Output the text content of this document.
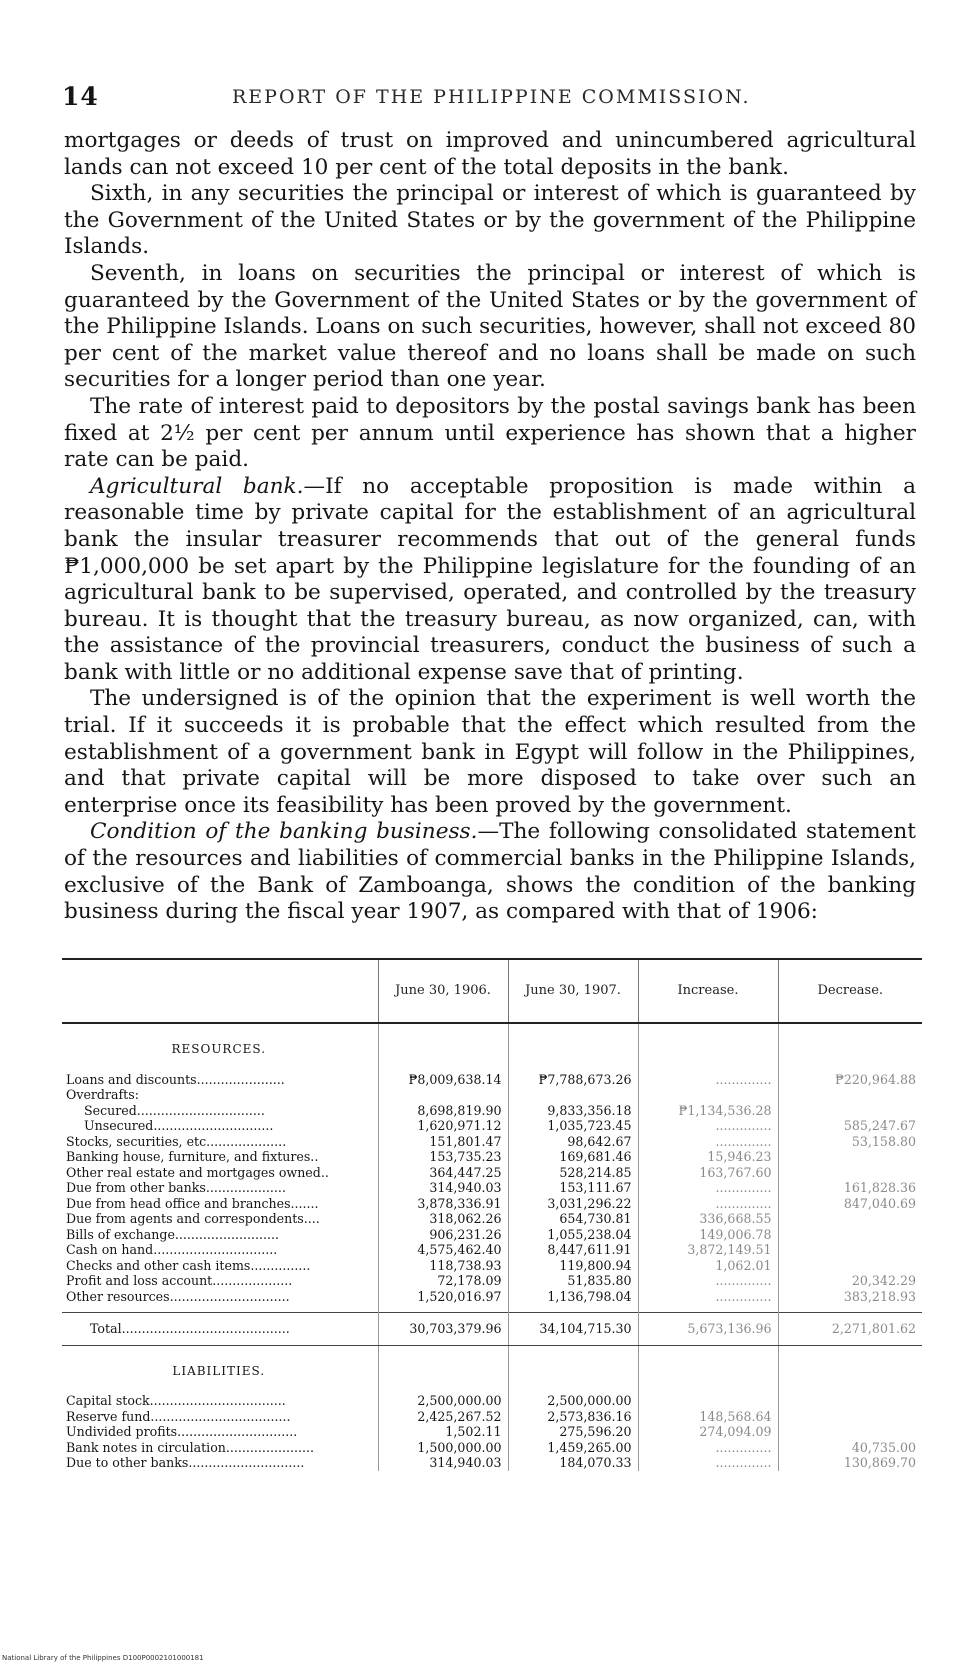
14	REPORT OF THE PHILIPPINE COMMISSION.

mortgages or deeds of trust on improved and unincumbered agricultural lands can not exceed 10 per cent of the total deposits in the bank.

Sixth, in any securities the principal or interest of which is guaranteed by the Government of the United States or by the government of the Philippine Islands.

Seventh, in loans on securities the principal or interest of which is guaranteed by the Government of the United States or by the government of the Philippine Islands. Loans on such securities, however, shall not exceed 80 per cent of the market value thereof and no loans shall be made on such securities for a longer period than one year.

The rate of interest paid to depositors by the postal savings bank has been fixed at 2½ per cent per annum until experience has shown that a higher rate can be paid.

Agricultural bank.—If no acceptable proposition is made within a reasonable time by private capital for the establishment of an agricultural bank the insular treasurer recommends that out of the general funds ₱1,000,000 be set apart by the Philippine legislature for the founding of an agricultural bank to be supervised, operated, and controlled by the treasury bureau. It is thought that the treasury bureau, as now organized, can, with the assistance of the provincial treasurers, conduct the business of such a bank with little or no additional expense save that of printing.

The undersigned is of the opinion that the experiment is well worth the trial. If it succeeds it is probable that the effect which resulted from the establishment of a government bank in Egypt will follow in the Philippines, and that private capital will be more disposed to take over such an enterprise once its feasibility has been proved by the government.

Condition of the banking business.—The following consolidated statement of the resources and liabilities of commercial banks in the Philippine Islands, exclusive of the Bank of Zamboanga, shows the condition of the banking business during the fiscal year 1907, as compared with that of 1906:

	June 30, 1906.	June 30, 1907.	Increase.	Decrease.
RESOURCES.				
Loans and discounts......................	₱8,009,638.14	₱7,788,673.26	..............	₱220,964.88
Overdrafts:				
Secured................................	8,698,819.90	9,833,356.18	₱1,134,536.28	
Unsecured..............................	1,620,971.12	1,035,723.45	..............	585,247.67
Stocks, securities, etc....................	151,801.47	98,642.67	..............	53,158.80
Banking house, furniture, and fixtures..	153,735.23	169,681.46	15,946.23	
Other real estate and mortgages owned..	364,447.25	528,214.85	163,767.60	
Due from other banks....................	314,940.03	153,111.67	..............	161,828.36
Due from head office and branches.......	3,878,336.91	3,031,296.22	..............	847,040.69
Due from agents and correspondents....	318,062.26	654,730.81	336,668.55	
Bills of exchange..........................	906,231.26	1,055,238.04	149,006.78	
Cash on hand...............................	4,575,462.40	8,447,611.91	3,872,149.51	
Checks and other cash items...............	118,738.93	119,800.94	1,062.01	
Profit and loss account....................	72,178.09	51,835.80	..............	20,342.29
Other resources..............................	1,520,016.97	1,136,798.04	..............	383,218.93

Total..........................................	30,703,379.96	34,104,715.30	5,673,136.96	2,271,801.62
LIABILITIES.				
Capital stock..................................	2,500,000.00	2,500,000.00		
Reserve fund...................................	2,425,267.52	2,573,836.16	148,568.64	
Undivided profits..............................	1,502.11	275,596.20	274,094.09	
Bank notes in circulation......................	1,500,000.00	1,459,265.00	..............	40,735.00
Due to other banks.............................	314,940.03	184,070.33	..............	130,869.70
National Library of the Philippines D100P0002101000181
